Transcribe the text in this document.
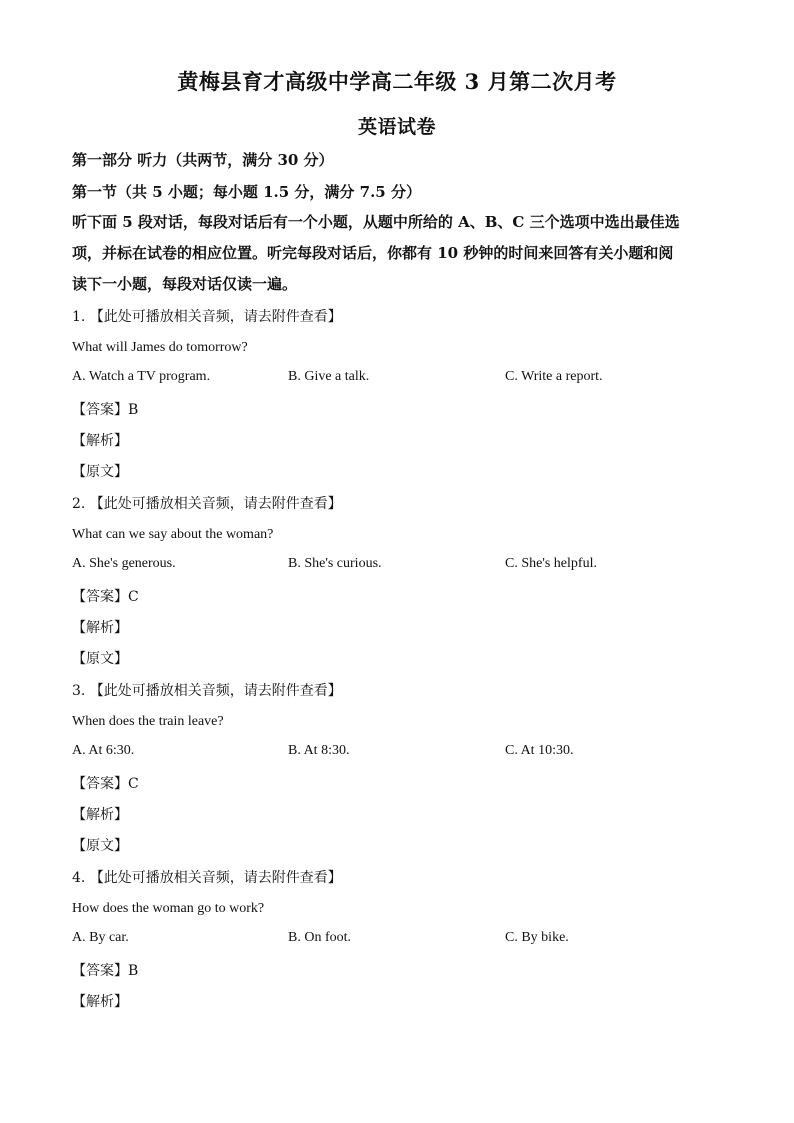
黄梅县育才高级中学高二年级 3 月第二次月考
英语试卷
第一部分 听力（共两节，满分 30 分）
第一节（共 5 小题；每小题 1.5 分，满分 7.5 分）
听下面 5 段对话，每段对话后有一个小题，从题中所给的 A、B、C 三个选项中选出最佳选
项，并标在试卷的相应位置。听完每段对话后，你都有 10 秒钟的时间来回答有关小题和阅
读下一小题，每段对话仅读一遍。
1. 【此处可播放相关音频，请去附件查看】
What will James do tomorrow?
A. Watch a TV program.	B. Give a talk.	C. Write a report.
【答案】B
【解析】
【原文】
2. 【此处可播放相关音频，请去附件查看】
What can we say about the woman?
A. She's generous.	B. She's curious.	C. She's helpful.
【答案】C
【解析】
【原文】
3. 【此处可播放相关音频，请去附件查看】
When does the train leave?
A. At 6:30.	B. At 8:30.	C. At 10:30.
【答案】C
【解析】
【原文】
4. 【此处可播放相关音频，请去附件查看】
How does the woman go to work?
A. By car.	B. On foot.	C. By bike.
【答案】B
【解析】
